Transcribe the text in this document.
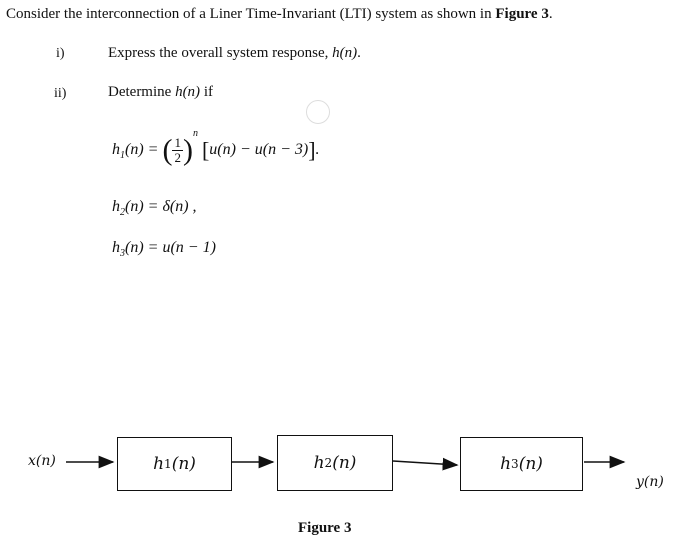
Consider the interconnection of a Liner Time-Invariant (LTI) system as shown in Figure 3.
i)	Express the overall system response, h(n).
ii)	Determine h(n) if
$h_1(n)$ = ( $\frac{1}{2} )^n$ [u(n) − u(n − 3)].
$h_2(n) = \delta(n)$ ,
$h_3(n) = u(n - 1)$
x(n)	h 1 (n)	h 2 (n)	h 3 (n)
y(n)
Figure 3
